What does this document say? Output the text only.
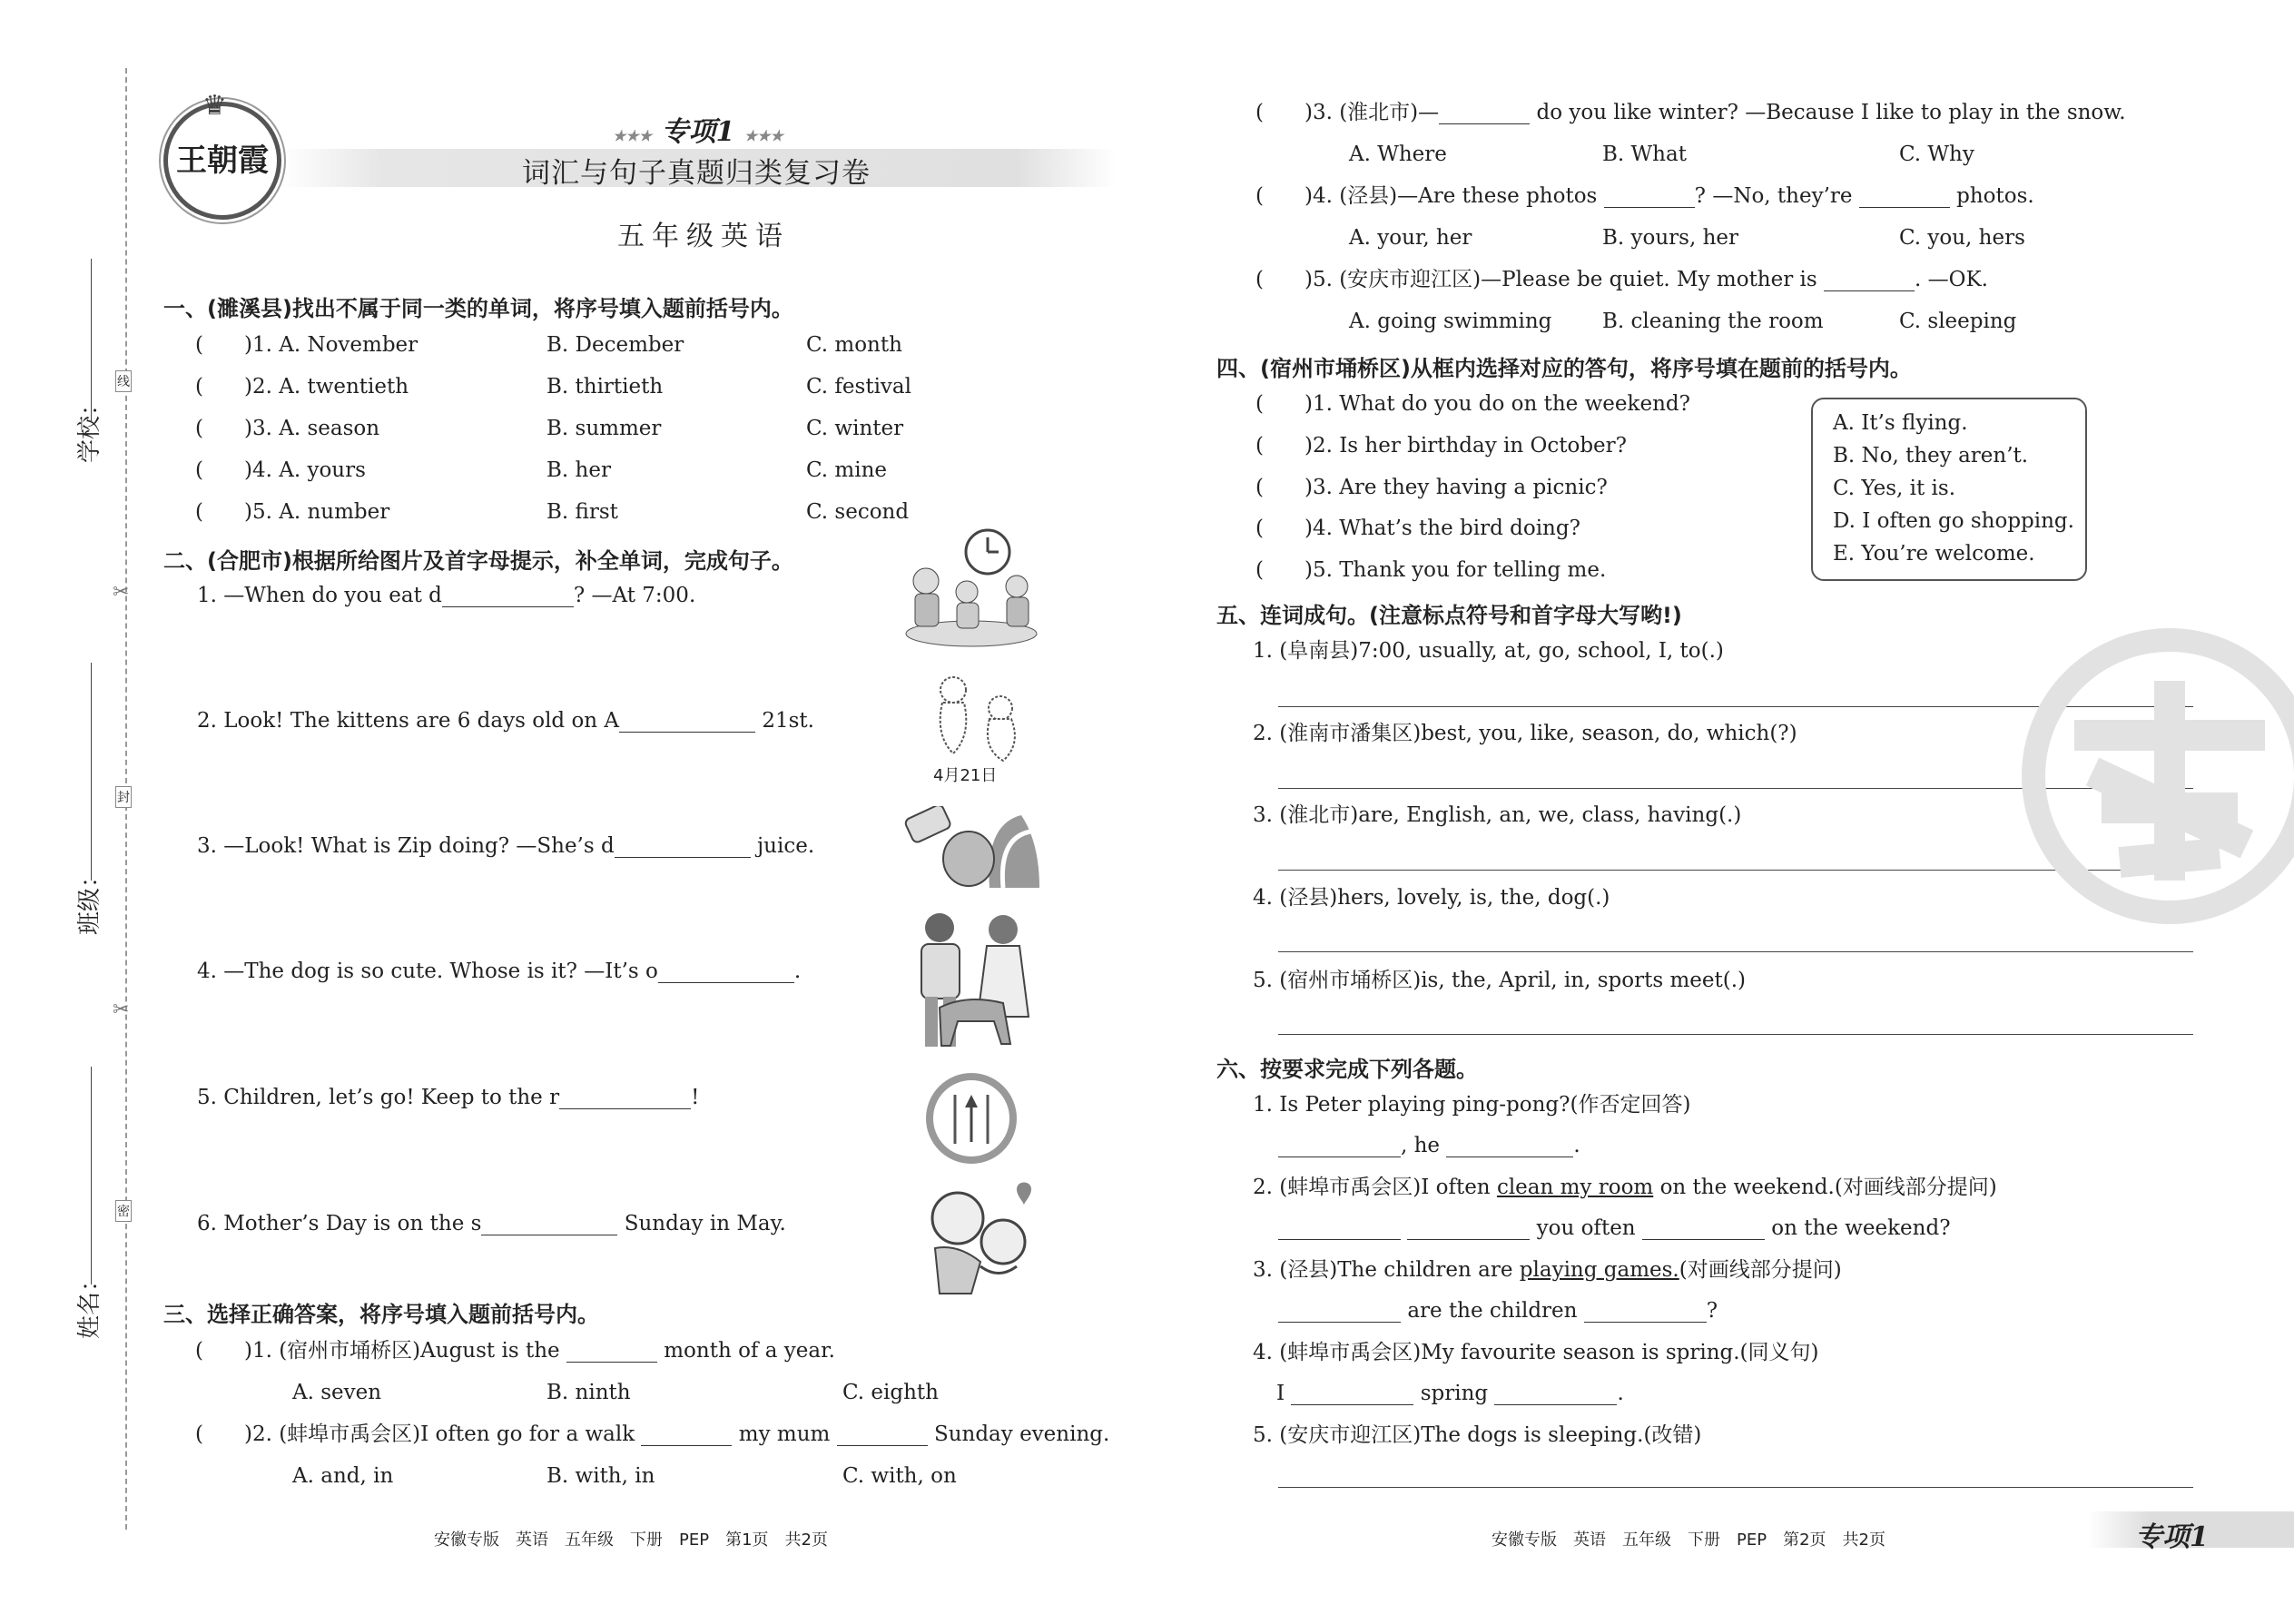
学校：
班级：
姓名：
线
封
密
✂
✂
♛
王朝霞
★★★ 专项1 ★★★
词汇与句子真题归类复习卷
五年级英语
一、(濉溪县)找出不属于同一类的单词，将序号填入题前括号内。
( )1. A. November	B. December	C. month
( )2. A. twentieth	B. thirtieth	C. festival
( )3. A. season	B. summer	C. winter
( )4. A. yours	B. her	C. mine
( )5. A. number	B. first	C. second
二、(合肥市)根据所给图片及首字母提示，补全单词，完成句子。
1. —When do you eat d	? —At 7:00.
2. Look! The kittens are 6 days old on A	21st.
3. —Look! What is Zip doing? —She’s d	juice.
4. —The dog is so cute. Whose is it? —It’s o	.
5. Children, let’s go! Keep to the r	!
6. Mother’s Day is on the s	Sunday in May.
4月21日
三、选择正确答案，将序号填入题前括号内。
( )1. (宿州市埇桥区)August is the	month of a year.
A. seven	B. ninth	C. eighth
( )2. (蚌埠市禹会区)I often go for a walk	my mum	Sunday evening.
A. and, in	B. with, in	C. with, on
( )3. (淮北市)—	do you like winter? —Because I like to play in the snow.
A. Where	B. What	C. Why
( )4. (泾县)—Are these photos	? —No, they’re	photos.
A. your, her	B. yours, her	C. you, hers
( )5. (安庆市迎江区)—Please be quiet. My mother is	. —OK.
A. going swimming B. cleaning the room	C. sleeping
四、(宿州市埇桥区)从框内选择对应的答句，将序号填在题前的括号内。
( )1. What do you do on the weekend?
( )2. Is her birthday in October?
( )3. Are they having a picnic?
( )4. What’s the bird doing?
( )5. Thank you for telling me.
A. It’s flying.
B. No, they aren’t.
C. Yes, it is.
D. I often go shopping.
E. You’re welcome.
五、连词成句。(注意标点符号和首字母大写哟!)
1. (阜南县)7:00, usually, at, go, school, I, to(.)
2. (淮南市潘集区)best, you, like, season, do, which(?)
3. (淮北市)are, English, an, we, class, having(.)
4. (泾县)hers, lovely, is, the, dog(.)
5. (宿州市埇桥区)is, the, April, in, sports meet(.)
六、按要求完成下列各题。
1. Is Peter playing ping-pong?(作否定回答)
, he	.
2. (蚌埠市禹会区)I often clean my room on the weekend.(对画线部分提问)
you often	on the weekend?
3. (泾县)The children are playing games.(对画线部分提问)
are the children	?
4. (蚌埠市禹会区)My favourite season is spring.(同义句)
I	spring	.
5. (安庆市迎江区)The dogs is sleeping.(改错)
安徽专版　英语　五年级　下册　PEP　第1页　共2页	安徽专版　英语　五年级　下册　PEP　第2页　共2页	专项1
